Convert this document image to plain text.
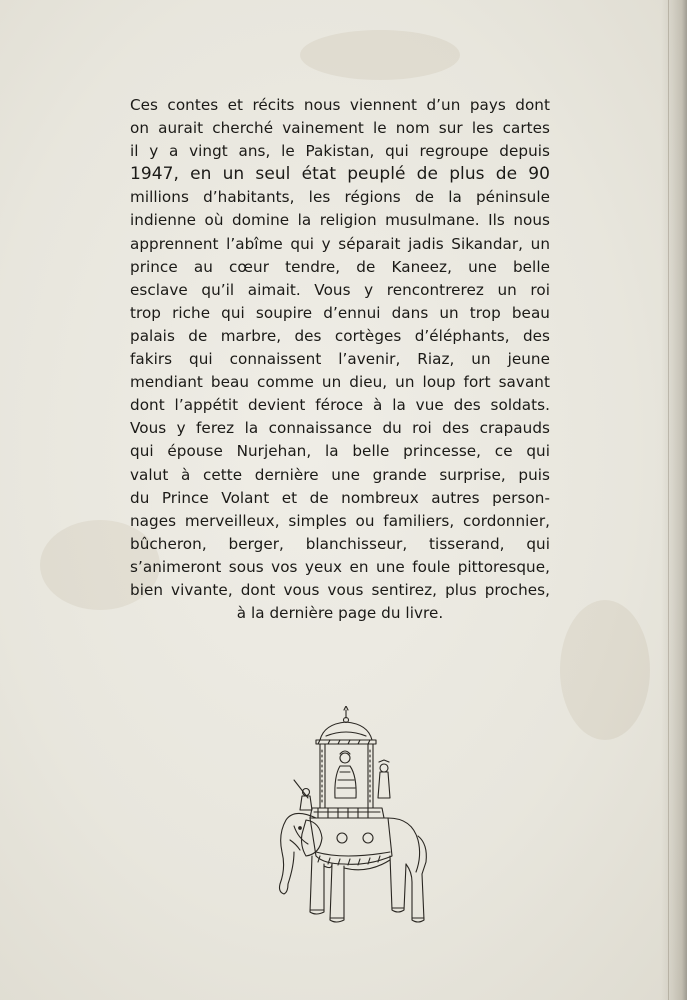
Ces contes et récits nous viennent d’un pays dont
on aurait cherché vainement le nom sur les cartes
il y a vingt ans, le Pakistan, qui regroupe depuis
1947, en un seul état peuplé de plus de 90
millions d’habitants, les régions de la péninsule
indienne où domine la religion musulmane. Ils nous
apprennent l’abîme qui y séparait jadis Sikandar, un
prince au cœur tendre, de Kaneez, une belle
esclave qu’il aimait. Vous y rencontrerez un roi
trop riche qui soupire d’ennui dans un trop beau
palais de marbre, des cortèges d’éléphants, des
fakirs qui connaissent l’avenir, Riaz, un jeune
mendiant beau comme un dieu, un loup fort savant
dont l’appétit devient féroce à la vue des soldats.
Vous y ferez la connaissance du roi des crapauds
qui épouse Nurjehan, la belle princesse, ce qui
valut à cette dernière une grande surprise, puis
du Prince Volant et de nombreux autres person-
nages merveilleux, simples ou familiers, cordonnier,
bûcheron, berger, blanchisseur, tisserand, qui
s’animeront sous vos yeux en une foule pittoresque,
bien vivante, dont vous vous sentirez, plus proches,
à la dernière page du livre.
